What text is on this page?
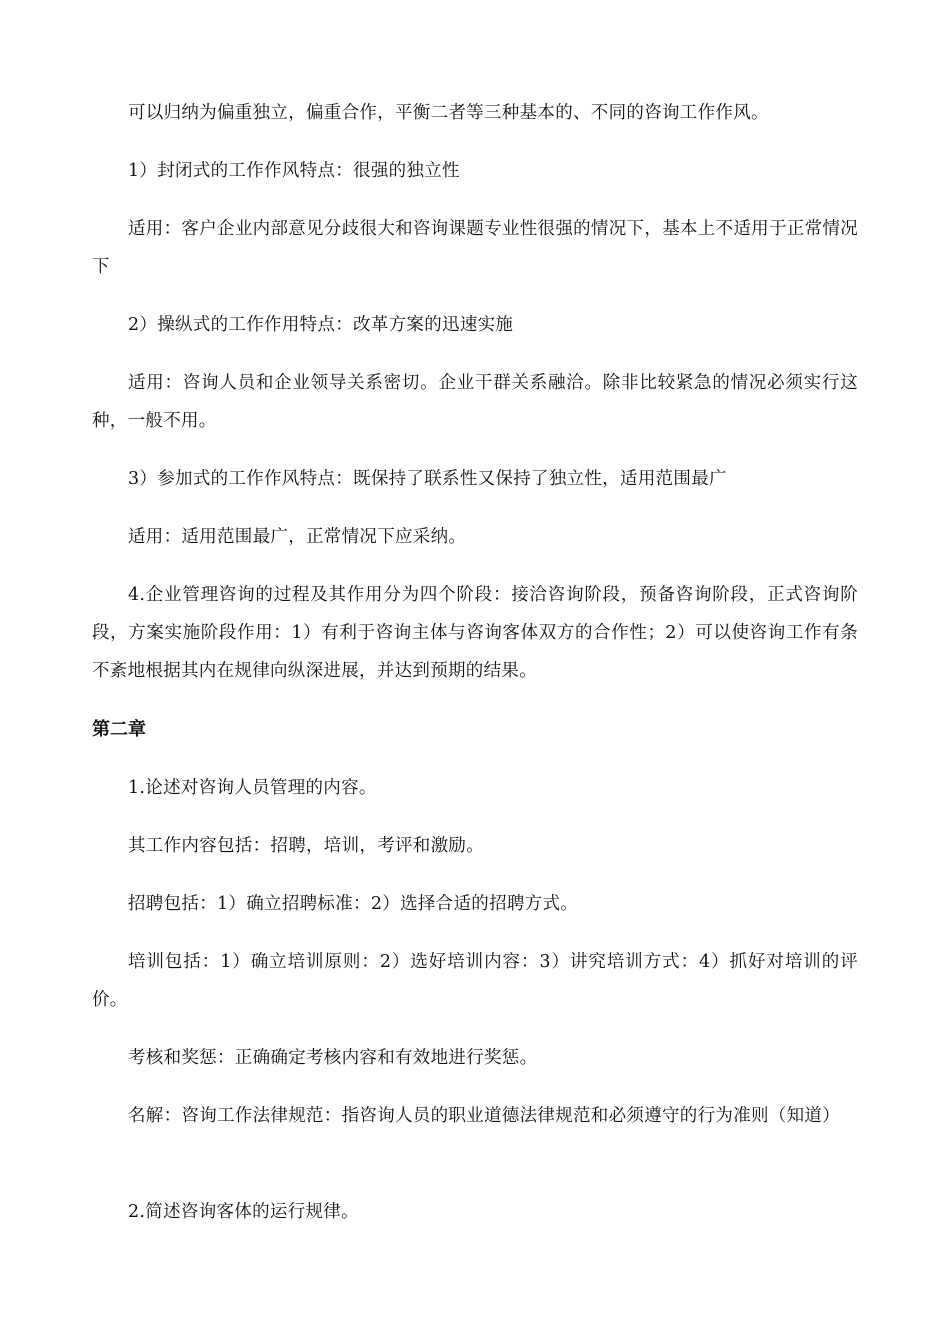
可以归纳为偏重独立，偏重合作，平衡二者等三种基本的、不同的咨询工作作风。

1）封闭式的工作作风特点：很强的独立性

适用：客户企业内部意见分歧很大和咨询课题专业性很强的情况下，基本上不适用于正常情况下

2）操纵式的工作作用特点：改革方案的迅速实施

适用：咨询人员和企业领导关系密切。企业干群关系融洽。除非比较紧急的情况必须实行这种，一般不用。

3）参加式的工作作风特点：既保持了联系性又保持了独立性，适用范围最广

适用：适用范围最广，正常情况下应采纳。

4.企业管理咨询的过程及其作用分为四个阶段：接洽咨询阶段，预备咨询阶段，正式咨询阶段，方案实施阶段作用：1）有利于咨询主体与咨询客体双方的合作性；2）可以使咨询工作有条不紊地根据其内在规律向纵深进展，并达到预期的结果。

第二章

1.论述对咨询人员管理的内容。

其工作内容包括：招聘，培训，考评和激励。

招聘包括：1）确立招聘标准：2）选择合适的招聘方式。

培训包括：1）确立培训原则：2）选好培训内容：3）讲究培训方式：4）抓好对培训的评价。

考核和奖惩：正确确定考核内容和有效地进行奖惩。

名解：咨询工作法律规范：指咨询人员的职业道德法律规范和必须遵守的行为准则（知道）

2.简述咨询客体的运行规律。
